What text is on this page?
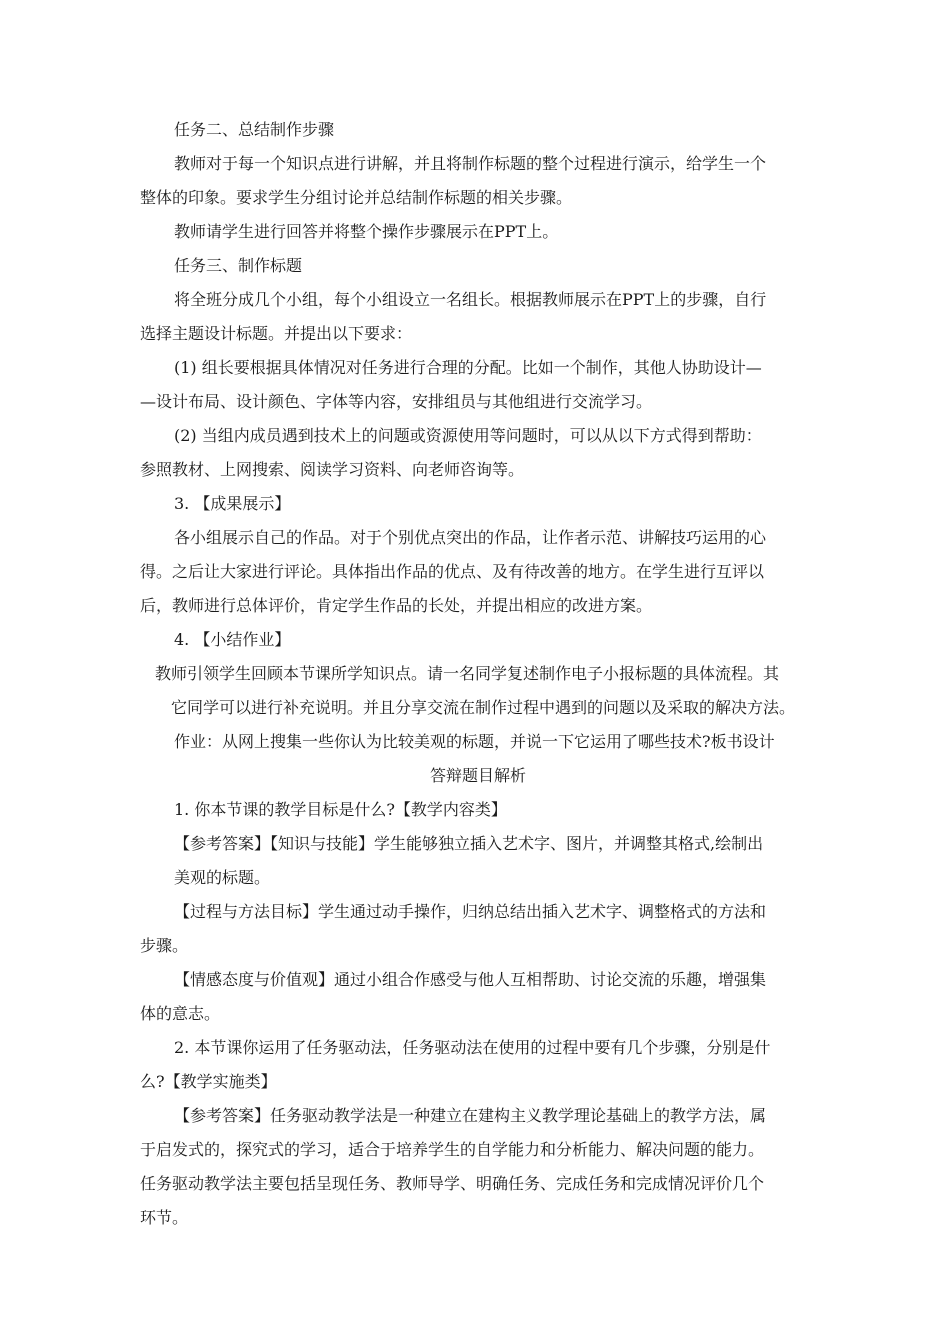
任务二、总结制作步骤
教师对于每一个知识点进行讲解，并且将制作标题的整个过程进行演示，给学生一个
整体的印象。要求学生分组讨论并总结制作标题的相关步骤。
教师请学生进行回答并将整个操作步骤展示在PPT上。
任务三、制作标题
将全班分成几个小组，每个小组设立一名组长。根据教师展示在PPT上的步骤，自行
选择主题设计标题。并提出以下要求：
(1) 组长要根据具体情况对任务进行合理的分配。比如一个制作，其他人协助设计—
—设计布局、设计颜色、字体等内容，安排组员与其他组进行交流学习。
(2) 当组内成员遇到技术上的问题或资源使用等问题时，可以从以下方式得到帮助：
参照教材、上网搜索、阅读学习资料、向老师咨询等。
3. 【成果展示】
各小组展示自己的作品。对于个别优点突出的作品，让作者示范、讲解技巧运用的心
得。之后让大家进行评论。具体指出作品的优点、及有待改善的地方。在学生进行互评以
后，教师进行总体评价，肯定学生作品的长处，并提出相应的改进方案。
4. 【小结作业】
教师引领学生回顾本节课所学知识点。请一名同学复述制作电子小报标题的具体流程。其
它同学可以进行补充说明。并且分享交流在制作过程中遇到的问题以及采取的解决方法。
作业：从网上搜集一些你认为比较美观的标题，并说一下它运用了哪些技术?板书设计
答辩题目解析
1. 你本节课的教学目标是什么?【教学内容类】
【参考答案】【知识与技能】学生能够独立插入艺术字、图片，并调整其格式,绘制出
美观的标题。
【过程与方法目标】学生通过动手操作，归纳总结出插入艺术字、调整格式的方法和
步骤。
【情感态度与价值观】通过小组合作感受与他人互相帮助、讨论交流的乐趣，增强集
体的意志。
2. 本节课你运用了任务驱动法，任务驱动法在使用的过程中要有几个步骤，分别是什
么?【教学实施类】
【参考答案】任务驱动教学法是一种建立在建构主义教学理论基础上的教学方法，属
于启发式的，探究式的学习，适合于培养学生的自学能力和分析能力、解决问题的能力。
任务驱动教学法主要包括呈现任务、教师导学、明确任务、完成任务和完成情况评价几个
环节。
